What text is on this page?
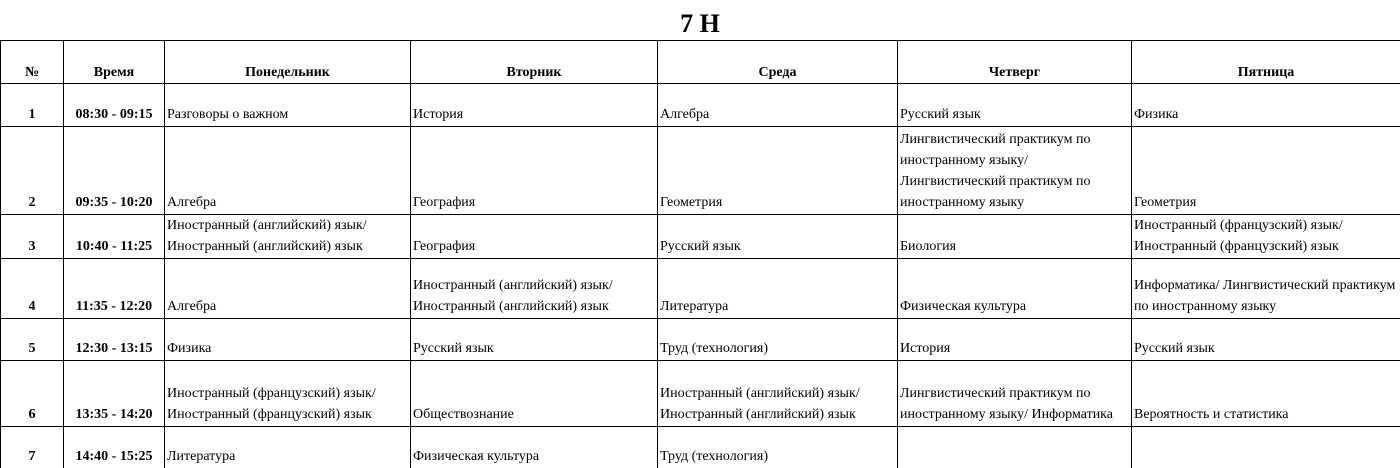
7 Н
№	Время	Понедельник	Вторник	Среда	Четверг	Пятница
1	08:30 - 09:15	Разговоры о важном	История	Алгебра	Русский язык	Физика
2	09:35 - 10:20	Алгебра	География	Геометрия	Лингвистический практикум по иностранному языку/ Лингвистический практикум по иностранному языку	Геометрия
3	10:40 - 11:25	Иностранный (английский) язык/ Иностранный (английский) язык	География	Русский язык	Биология	Иностранный (французский) язык/ Иностранный (французский) язык
4	11:35 - 12:20	Алгебра	Иностранный (английский) язык/ Иностранный (английский) язык	Литература	Физическая культура	Информатика/ Лингвистический практикум по иностранному языку
5	12:30 - 13:15	Физика	Русский язык	Труд (технология)	История	Русский язык
6	13:35 - 14:20	Иностранный (французский) язык/ Иностранный (французский) язык	Обществознание	Иностранный (английский) язык/ Иностранный (английский) язык	Лингвистический практикум по иностранному языку/ Информатика	Вероятность и статистика
7	14:40 - 15:25	Литература	Физическая культура	Труд (технология)		
